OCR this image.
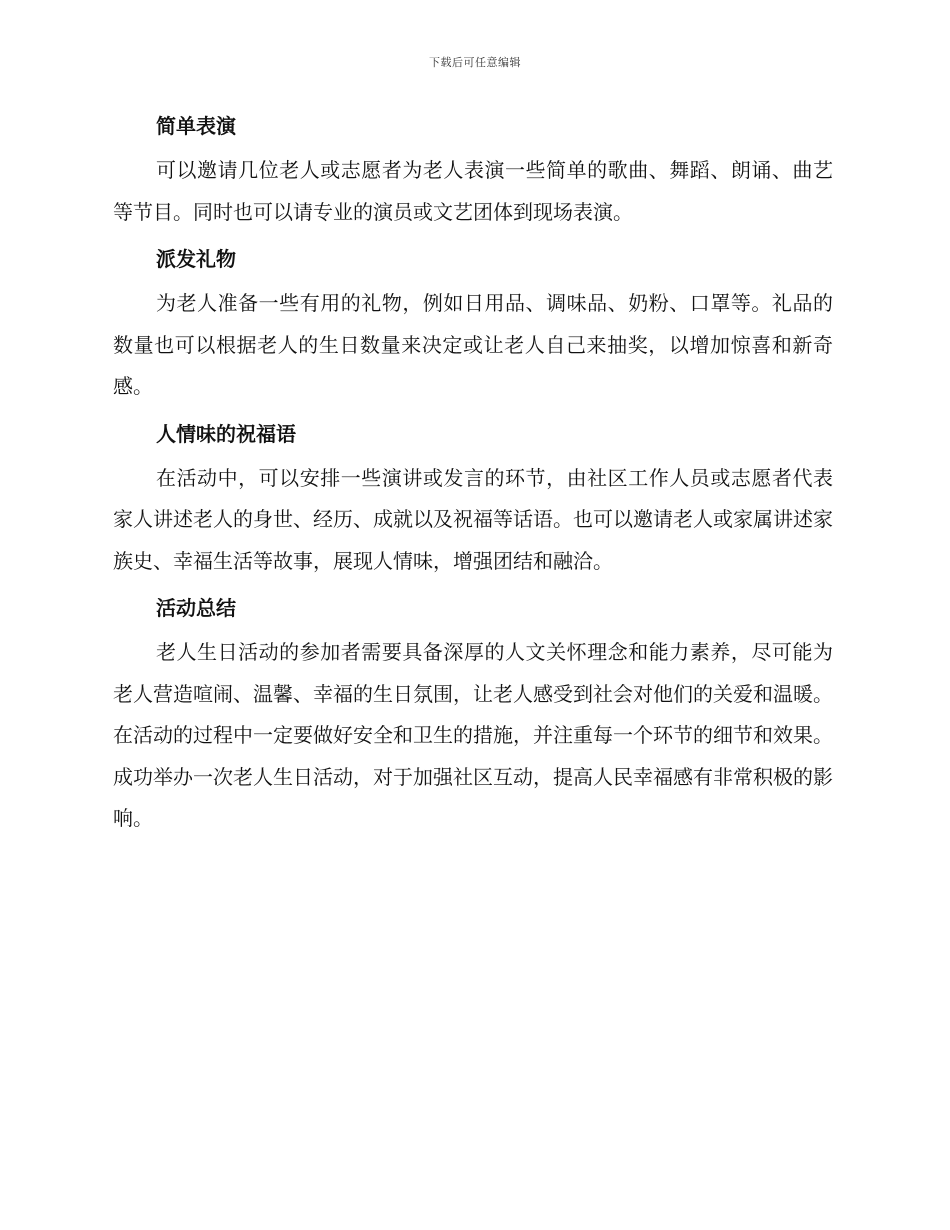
下载后可任意编辑
简单表演

可以邀请几位老人或志愿者为老人表演一些简单的歌曲、舞蹈、朗诵、曲艺等节目。同时也可以请专业的演员或文艺团体到现场表演。

派发礼物

为老人准备一些有用的礼物，例如日用品、调味品、奶粉、口罩等。礼品的数量也可以根据老人的生日数量来决定或让老人自己来抽奖，以增加惊喜和新奇感。

人情味的祝福语

在活动中，可以安排一些演讲或发言的环节，由社区工作人员或志愿者代表家人讲述老人的身世、经历、成就以及祝福等话语。也可以邀请老人或家属讲述家族史、幸福生活等故事，展现人情味，增强团结和融洽。

活动总结

老人生日活动的参加者需要具备深厚的人文关怀理念和能力素养，尽可能为老人营造喧闹、温馨、幸福的生日氛围，让老人感受到社会对他们的关爱和温暖。在活动的过程中一定要做好安全和卫生的措施，并注重每一个环节的细节和效果。成功举办一次老人生日活动，对于加强社区互动，提高人民幸福感有非常积极的影响。
